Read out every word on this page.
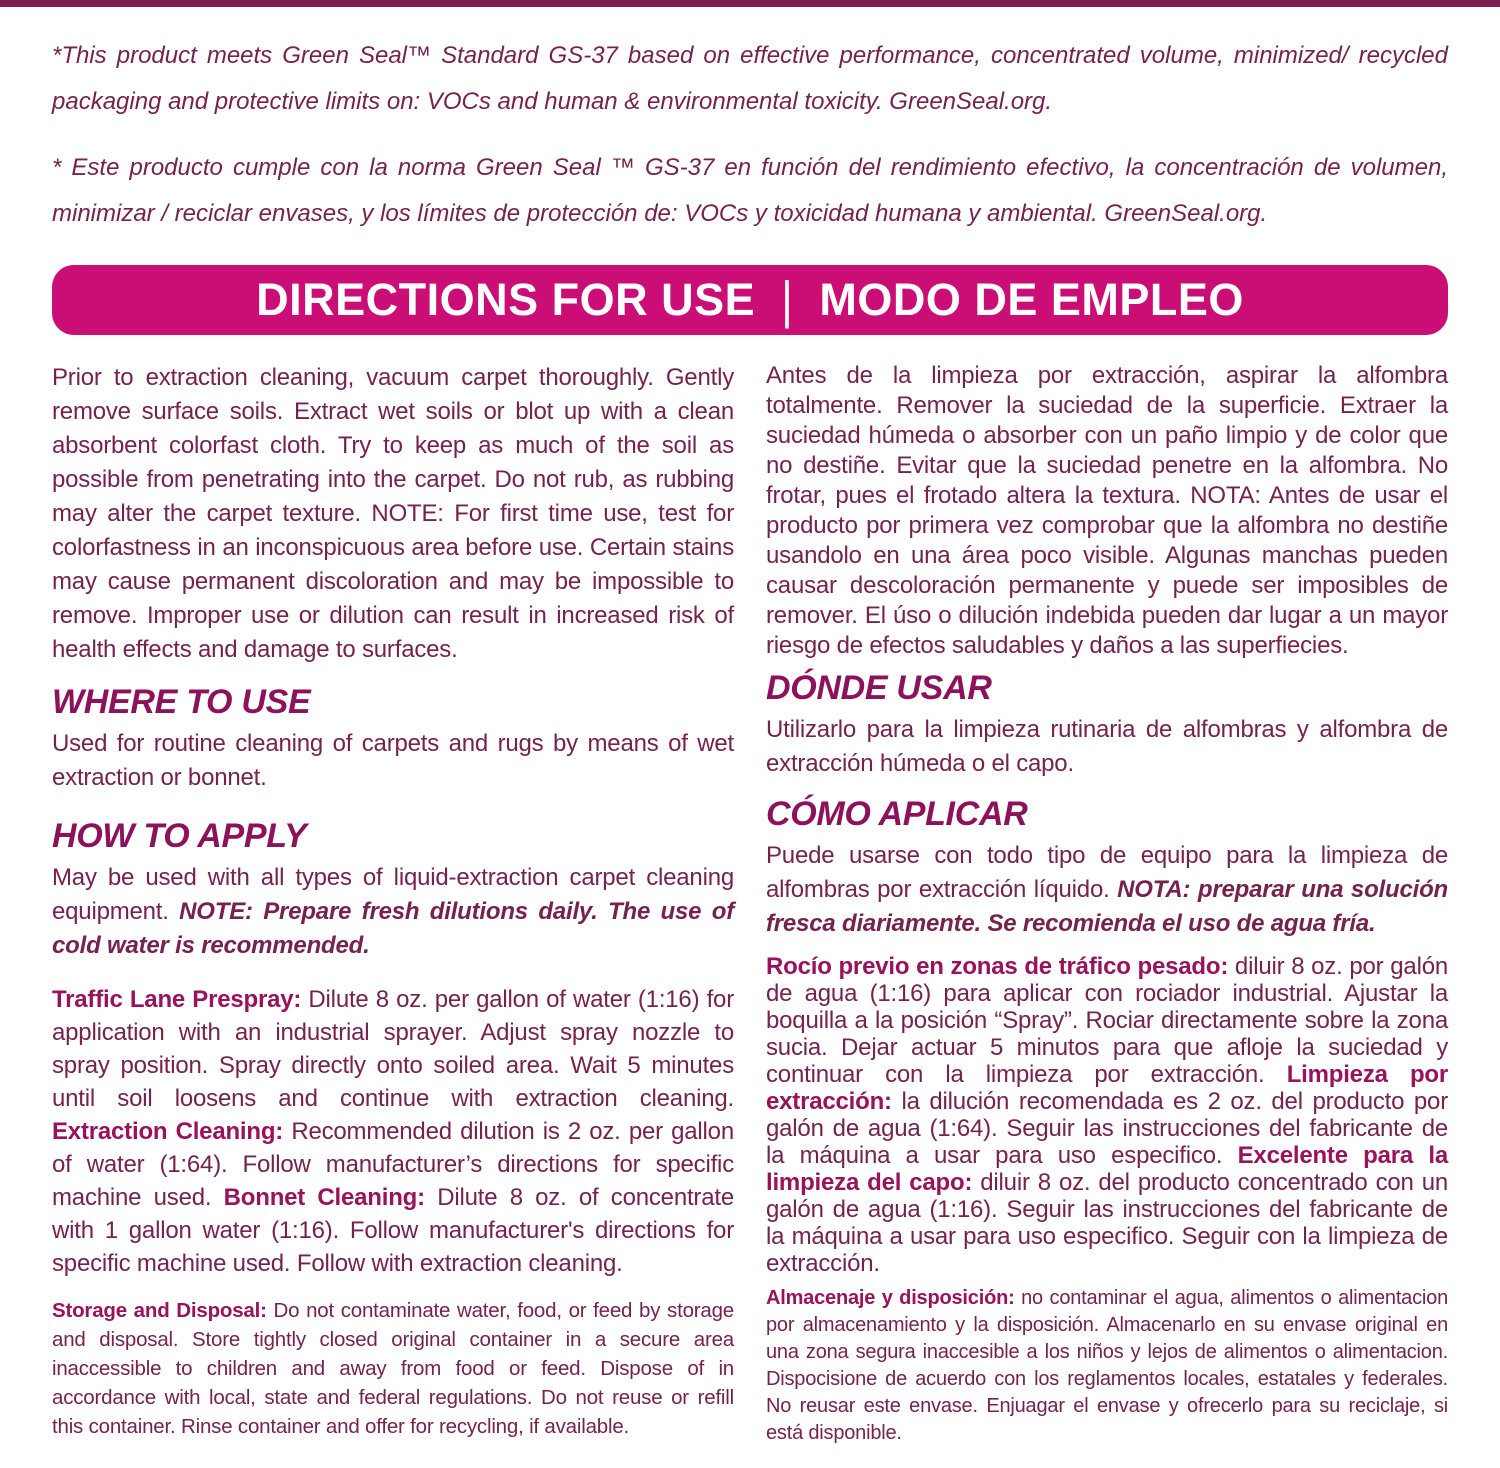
*This product meets Green Seal™ Standard GS-37 based on effective performance, concentrated volume, minimized/ recycled packaging and protective limits on: VOCs and human & environmental toxicity. GreenSeal.org.

* Este producto cumple con la norma Green Seal ™ GS-37 en función del rendimiento efectivo, la concentración de volumen, minimizar / reciclar envases, y los límites de protección de: VOCs y toxicidad humana y ambiental. GreenSeal.org.

DIRECTIONS FOR USE | MODO DE EMPLEO

Prior to extraction cleaning, vacuum carpet thoroughly. Gently remove surface soils. Extract wet soils or blot up with a clean absorbent colorfast cloth. Try to keep as much of the soil as possible from penetrating into the carpet. Do not rub, as rubbing may alter the carpet texture. NOTE: For first time use, test for colorfastness in an inconspicuous area before use. Certain stains may cause permanent discoloration and may be impossible to remove. Improper use or dilution can result in increased risk of health effects and damage to surfaces.

WHERE TO USE

Used for routine cleaning of carpets and rugs by means of wet extraction or bonnet.

HOW TO APPLY

May be used with all types of liquid-extraction carpet cleaning equipment. NOTE: Prepare fresh dilutions daily. The use of cold water is recommended.

Traffic Lane Prespray: Dilute 8 oz. per gallon of water (1:16) for application with an industrial sprayer. Adjust spray nozzle to spray position. Spray directly onto soiled area. Wait 5 minutes until soil loosens and continue with extraction cleaning. Extraction Cleaning: Recommended dilution is 2 oz. per gallon of water (1:64). Follow manufacturer’s directions for specific machine used. Bonnet Cleaning: Dilute 8 oz. of concentrate with 1 gallon water (1:16). Follow manufacturer's directions for specific machine used. Follow with extraction cleaning.

Storage and Disposal: Do not contaminate water, food, or feed by storage and disposal. Store tightly closed original container in a secure area inaccessible to children and away from food or feed. Dispose of in accordance with local, state and federal regulations. Do not reuse or refill this container. Rinse container and offer for recycling, if available.

Antes de la limpieza por extracción, aspirar la alfombra totalmente. Remover la suciedad de la superficie. Extraer la suciedad húmeda o absorber con un paño limpio y de color que no destiñe. Evitar que la suciedad penetre en la alfombra. No frotar, pues el frotado altera la textura. NOTA: Antes de usar el producto por primera vez comprobar que la alfombra no destiñe usandolo en una área poco visible. Algunas manchas pueden causar descoloración permanente y puede ser imposibles de remover. El úso o dilución indebida pueden dar lugar a un mayor riesgo de efectos saludables y daños a las superfiecies.

DÓNDE USAR

Utilizarlo para la limpieza rutinaria de alfombras y alfombra de extracción húmeda o el capo.

CÓMO APLICAR

Puede usarse con todo tipo de equipo para la limpieza de alfombras por extracción líquido. NOTA: preparar una solución fresca diariamente. Se recomienda el uso de agua fría.

Rocío previo en zonas de tráfico pesado: diluir 8 oz. por galón de agua (1:16) para aplicar con rociador industrial. Ajustar la boquilla a la posición “Spray”. Rociar directamente sobre la zona sucia. Dejar actuar 5 minutos para que afloje la suciedad y continuar con la limpieza por extracción. Limpieza por extracción: la dilución recomendada es 2 oz. del producto por galón de agua (1:64). Seguir las instrucciones del fabricante de la máquina a usar para uso especifico. Excelente para la limpieza del capo: diluir 8 oz. del producto concentrado con un galón de agua (1:16). Seguir las instrucciones del fabricante de la máquina a usar para uso especifico. Seguir con la limpieza de extracción.

Almacenaje y disposición: no contaminar el agua, alimentos o alimentacion por almacenamiento y la disposición. Almacenarlo en su envase original en una zona segura inaccesible a los niños y lejos de alimentos o alimentacion. Dispocisione de acuerdo con los reglamentos locales, estatales y federales. No reusar este envase. Enjuagar el envase y ofrecerlo para su reciclaje, si está disponible.
